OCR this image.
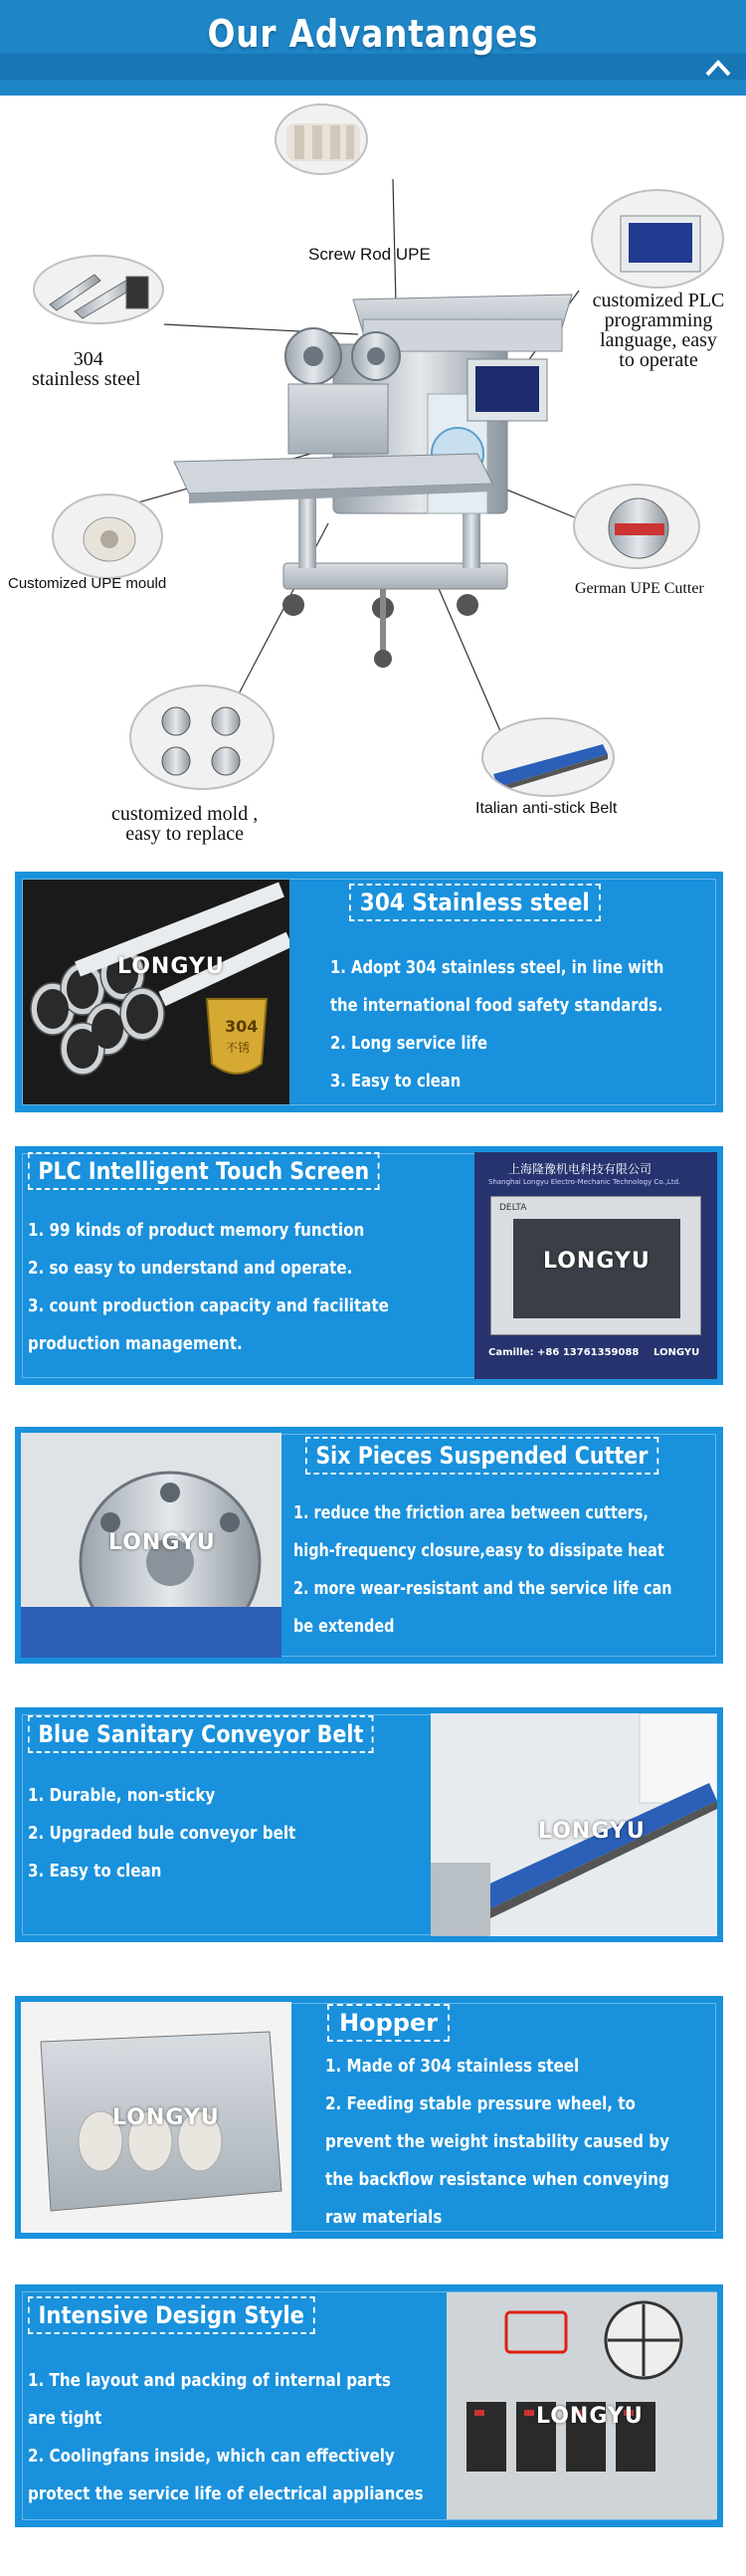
Our Advantanges
Screw Rod UPE
304
stainless steel
customized PLC
programming
language, easy
to operate
Customized UPE mould	German UPE Cutter
customized mold ,
easy to replace
Italian anti-stick Belt
304
不锈
LONGYU
304 Stainless steel
1. Adopt 304 stainless steel, in line with
the international food safety standards.
2. Long service life
3. Easy to clean
PLC Intelligent Touch Screen
1. 99 kinds of product memory function
2. so easy to understand and operate.
3. count production capacity and facilitate
production management.
上海隆豫机电科技有限公司
Shanghai Longyu Electro-Mechanic Technology Co.,Ltd.
DELTA
LONGYU
Camille: +86 13761359088 LONGYU
LONGYU
Six Pieces Suspended Cutter
1. reduce the friction area between cutters,
high-frequency closure,easy to dissipate heat
2. more wear-resistant and the service life can
be extended
Blue Sanitary Conveyor Belt
1. Durable, non-sticky
2. Upgraded bule conveyor belt
3. Easy to clean
LONGYU
LONGYU
Hopper
1. Made of 304 stainless steel
2. Feeding stable pressure wheel, to
prevent the weight instability caused by
the backflow resistance when conveying
raw materials
Intensive Design Style
LONGYU
1. The layout and packing of internal parts
are tight
2. Coolingfans inside, which can effectively
protect the service life of electrical appliances
